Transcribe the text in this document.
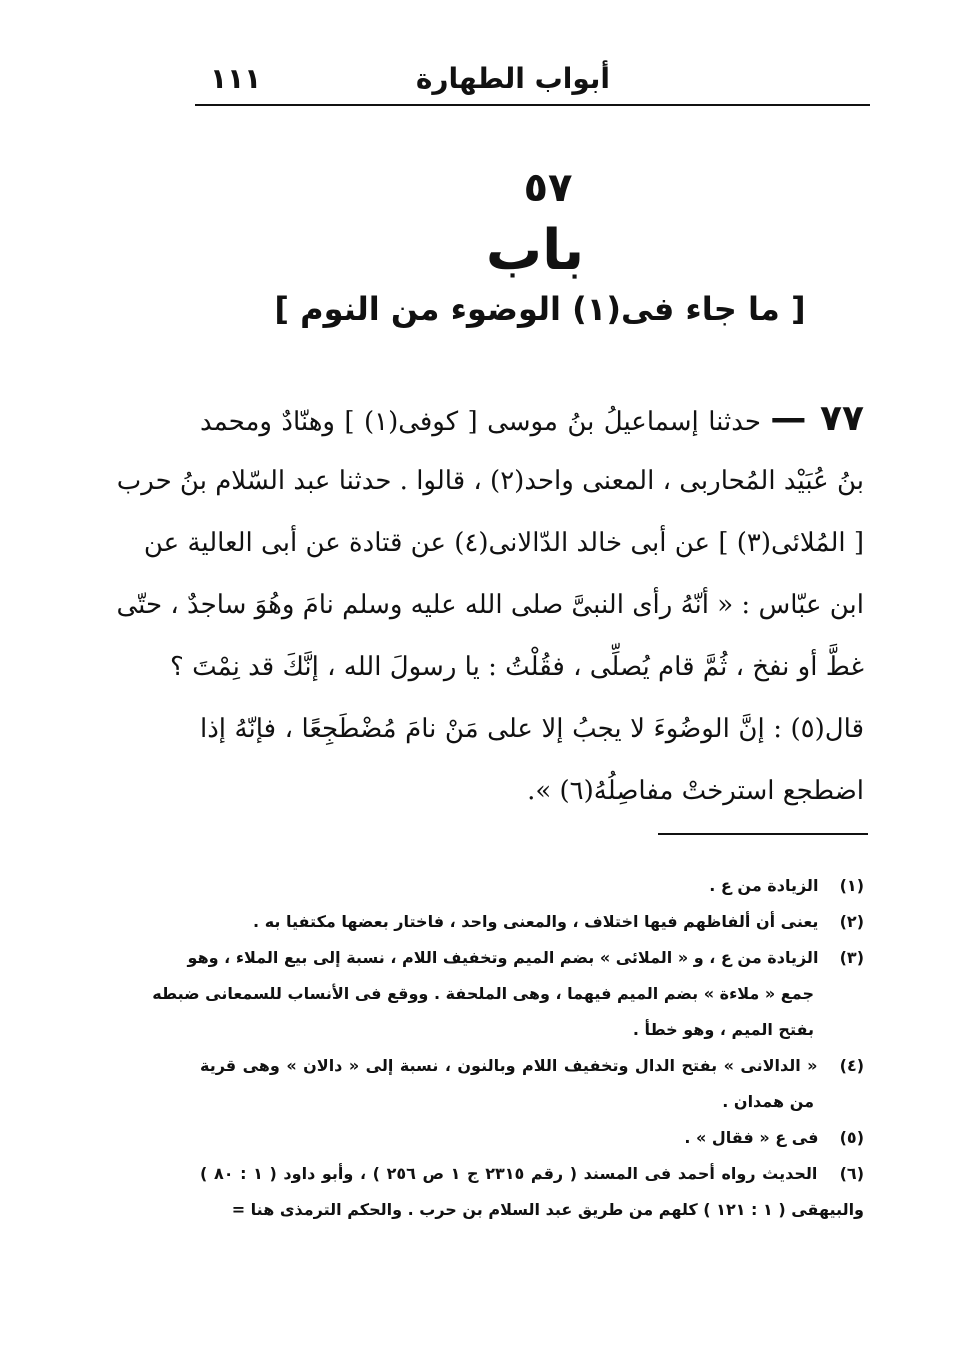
أبواب الطهارة
١١١
٥٧
باب
[ ما جاء فى(١) الوضوء من النوم ]
٧٧ — حدثنا إسماعيلُ بنُ موسى [ كوفى(١) ] وهنّادٌ ومحمد
بنُ عُبَيْد المُحاربى ، المعنى واحد(٢) ، قالوا . حدثنا عبد السّلام بنُ حرب
[ المُلائى(٣) ] عن أبى خالد الدّالانى(٤) عن قتادة عن أبى العالية عن
ابن عبّاس : « أنّهُ رأى النبىَّ صلى الله عليه وسلم نامَ وهُوَ ساجدٌ ، حتّى
غطَّ أو نفخ ، ثُمَّ قام يُصلِّى ، فقُلْتُ : يا رسولَ الله ، إنَّكَ قد نِمْتَ ؟
قال(٥) : إنَّ الوضُوءَ لا يجبُ إلا على مَنْ نامَ مُضْطَجِعًا ، فإنّهُ إذا
اضطجع استرختْ مفاصِلُهُ(٦) ».
( ١ ) الزيادة من ع .
( ٢ ) يعنى أن ألفاظهم فيها اختلاف ، والمعنى واحد ، فاختار بعضها مكتفيا به .
( ٣ ) الزيادة من ع ، و « الملائى » بضم الميم وتخفيف اللام ، نسبة إلى بيع الملاء ، وهو
جمع « ملاءة » بضم الميم فيهما ، وهى الملحفة . ووقع فى الأنساب للسمعانى ضبطه
بفتح الميم ، وهو خطأ .
( ٤ ) « الدالانى » بفتح الدال وتخفيف اللام وبالنون ، نسبة إلى « دالان » وهى قرية
من همدان .
( ٥ ) فى ع « فقال » .
( ٦ ) الحديث رواه أحمد فى المسند ( رقم ٢٣١٥ ج ١ ص ٢٥٦ ) ، وأبو داود ( ١ : ٨٠ )
والبيهقى ( ١ : ١٢١ ) كلهم من طريق عبد السلام بن حرب . والحكم الترمذى هنا =
